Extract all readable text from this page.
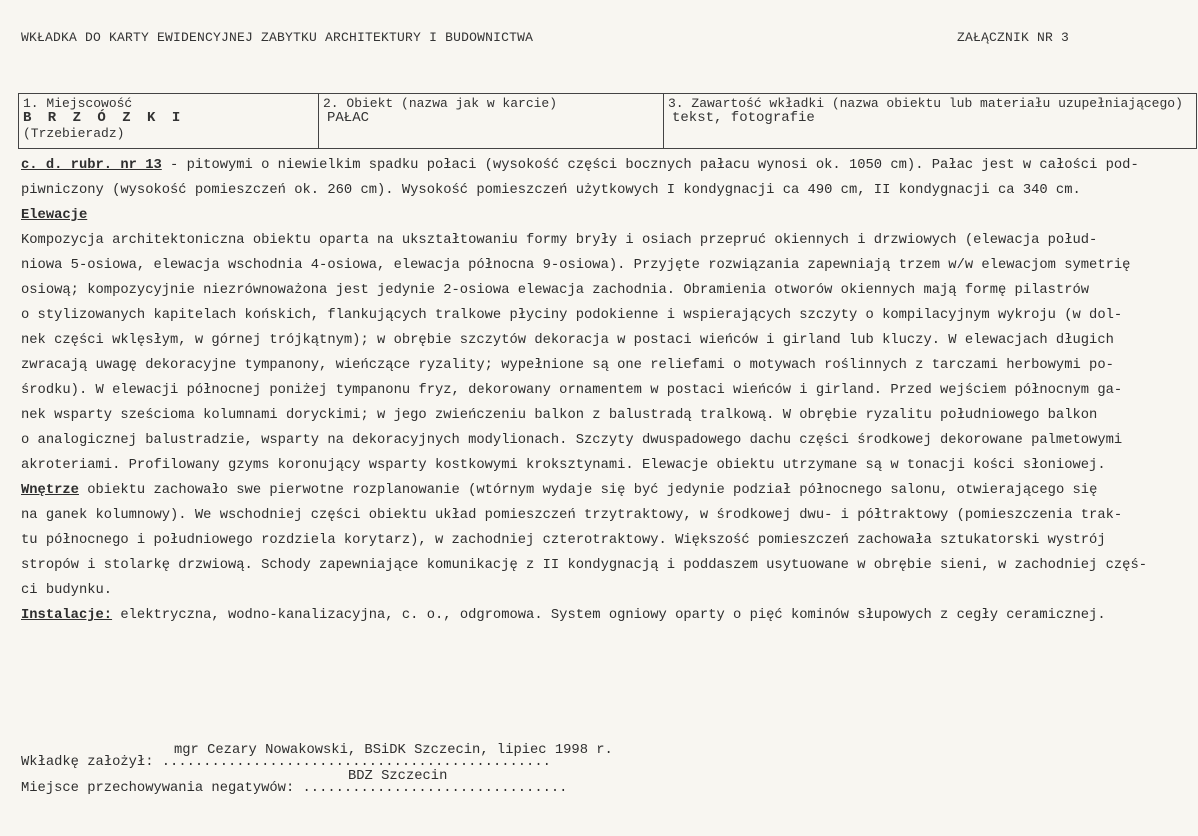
WKŁADKA DO KARTY EWIDENCYJNEJ ZABYTKU ARCHITEKTURY I BUDOWNICTWA	ZAŁĄCZNIK NR 3
1. Miejscowość
B R Z Ó Z K I
(Trzebieradz)
2. Obiekt (nazwa jak w karcie)
PAŁAC
3. Zawartość wkładki (nazwa obiektu lub materiału uzupełniającego)
tekst, fotografie
c. d. rubr. nr 13 - pitowymi o niewielkim spadku połaci (wysokość części bocznych pałacu wynosi ok. 1050 cm). Pałac jest w całości pod-
piwniczony (wysokość pomieszczeń ok. 260 cm). Wysokość pomieszczeń użytkowych I kondygnacji ca 490 cm, II kondygnacji ca 340 cm.
Elewacje
Kompozycja architektoniczna obiektu oparta na ukształtowaniu formy bryły i osiach przepruć okiennych i drzwiowych (elewacja połud-
niowa 5-osiowa, elewacja wschodnia 4-osiowa, elewacja północna 9-osiowa). Przyjęte rozwiązania zapewniają trzem w/w elewacjom symetrię
osiową; kompozycyjnie niezrównoważona jest jedynie 2-osiowa elewacja zachodnia. Obramienia otworów okiennych mają formę pilastrów
o stylizowanych kapitelach końskich, flankujących tralkowe płyciny podokienne i wspierających szczyty o kompilacyjnym wykroju (w dol-
nek części wklęsłym, w górnej trójkątnym); w obrębie szczytów dekoracja w postaci wieńców i girland lub kluczy. W elewacjach długich
zwracają uwagę dekoracyjne tympanony, wieńczące ryzality; wypełnione są one reliefami o motywach roślinnych z tarczami herbowymi po-
środku). W elewacji północnej poniżej tympanonu fryz, dekorowany ornamentem w postaci wieńców i girland. Przed wejściem północnym ga-
nek wsparty sześcioma kolumnami doryckimi; w jego zwieńczeniu balkon z balustradą tralkową. W obrębie ryzalitu południowego balkon
o analogicznej balustradzie, wsparty na dekoracyjnych modylionach. Szczyty dwuspadowego dachu części środkowej dekorowane palmetowymi
akroteriami. Profilowany gzyms koronujący wsparty kostkowymi kroksztynami. Elewacje obiektu utrzymane są w tonacji kości słoniowej.
Wnętrze obiektu zachowało swe pierwotne rozplanowanie (wtórnym wydaje się być jedynie podział północnego salonu, otwierającego się
na ganek kolumnowy). We wschodniej części obiektu układ pomieszczeń trzytraktowy, w środkowej dwu- i półtraktowy (pomieszczenia trak-
tu północnego i południowego rozdziela korytarz), w zachodniej czterotraktowy. Większość pomieszczeń zachowała sztukatorski wystrój
stropów i stolarkę drzwiową. Schody zapewniające komunikację z II kondygnacją i poddaszem usytuowane w obrębie sieni, w zachodniej częś-
ci budynku.
Instalacje: elektryczna, wodno-kanalizacyjna, c. o., odgromowa. System ogniowy oparty o pięć kominów słupowych z cegły ceramicznej.
mgr Cezary Nowakowski, BSiDK Szczecin, lipiec 1998 r.
Wkładkę założył: ...............................................
BDZ Szczecin
Miejsce przechowywania negatywów: ................................
